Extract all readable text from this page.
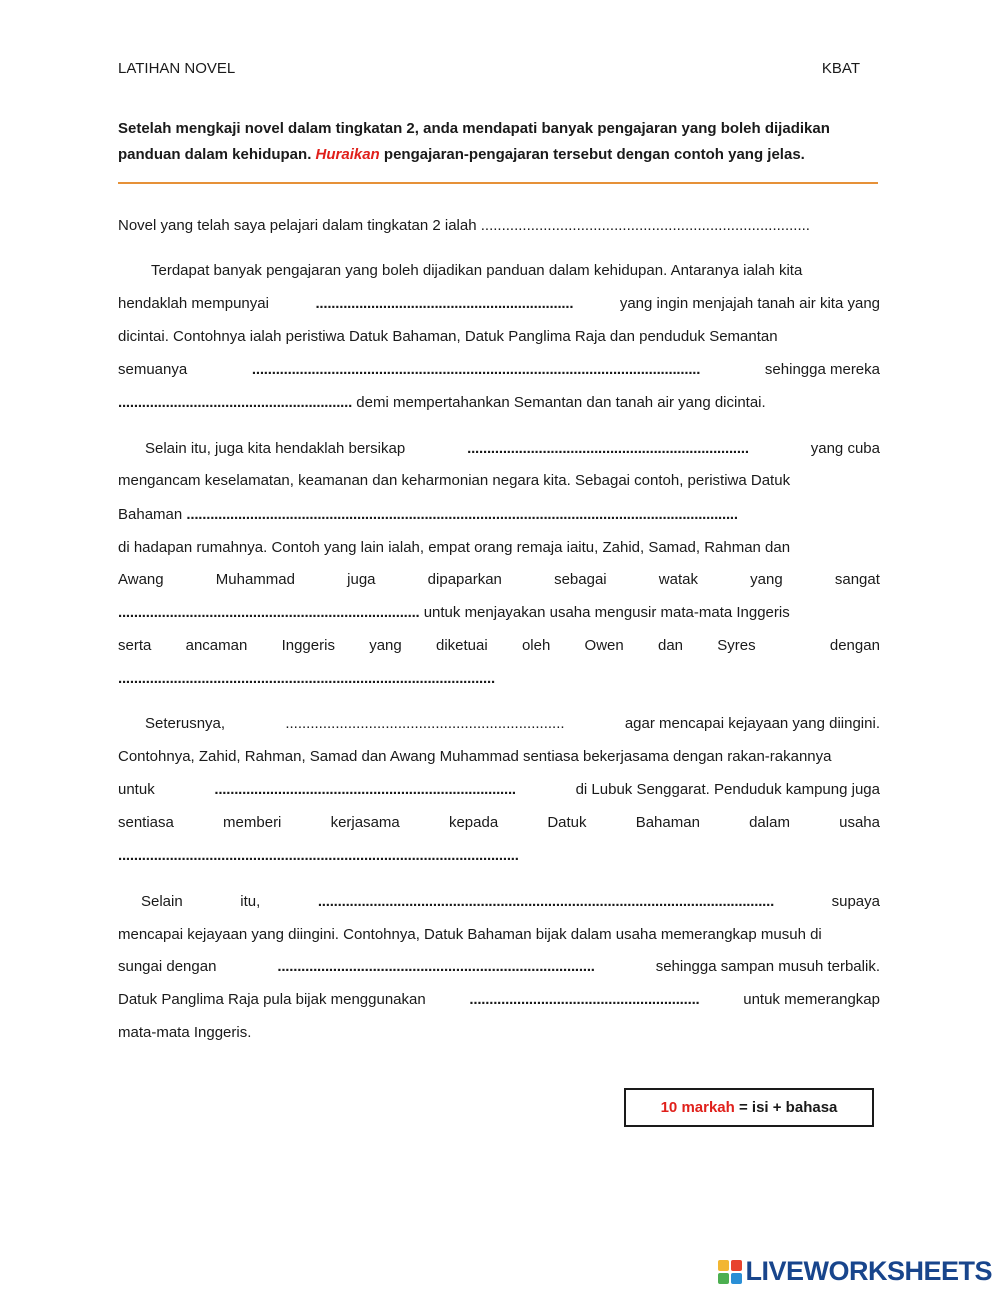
LATIHAN NOVEL	KBAT
Setelah mengkaji novel dalam tingkatan 2, anda mendapati banyak pengajaran yang boleh dijadikan panduan dalam kehidupan. Huraikan pengajaran-pengajaran tersebut dengan contoh yang jelas.
Novel yang telah saya pelajari dalam tingkatan 2 ialah ...............................................................................
Terdapat banyak pengajaran yang boleh dijadikan panduan dalam kehidupan. Antaranya ialah kita
hendaklah mempunyai	.................................................................	yang ingin menjajah tanah air kita yang
dicintai. Contohnya ialah peristiwa Datuk Bahaman, Datuk Panglima Raja dan penduduk Semantan
semuanya	.................................................................................................................	sehingga mereka
........................................................... demi mempertahankan Semantan dan tanah air yang dicintai.
Selain itu, juga kita hendaklah bersikap	.......................................................................	yang cuba
mengancam keselamatan, keamanan dan keharmonian negara kita. Sebagai contoh, peristiwa Datuk
Bahaman ...........................................................................................................................................
di hadapan rumahnya. Contoh yang lain ialah, empat orang remaja iaitu, Zahid, Samad, Rahman dan
Awang	Muhammad	juga	dipaparkan	sebagai	watak	yang	sangat
............................................................................ untuk menjayakan usaha mengusir mata-mata Inggeris
serta ancaman Inggeris yang diketuai oleh Owen dan Syres	dengan
...............................................................................................
Seterusnya,	...................................................................	agar mencapai kejayaan yang diingini.
Contohnya, Zahid, Rahman, Samad dan Awang Muhammad sentiasa bekerjasama dengan rakan-rakannya
untuk	............................................................................	di Lubuk Senggarat. Penduduk kampung juga
sentiasa	memberi	kerjasama	kepada	Datuk	Bahaman	dalam	usaha
.....................................................................................................
Selain	itu,	...................................................................................................................	supaya
mencapai kejayaan yang diingini. Contohnya, Datuk Bahaman bijak dalam usaha memerangkap musuh di
sungai dengan	................................................................................	sehingga sampan musuh terbalik.
Datuk Panglima Raja pula bijak menggunakan	..........................................................	untuk memerangkap
mata-mata Inggeris.
10 markah
= isi + bahasa
LIVEWORKSHEETS
